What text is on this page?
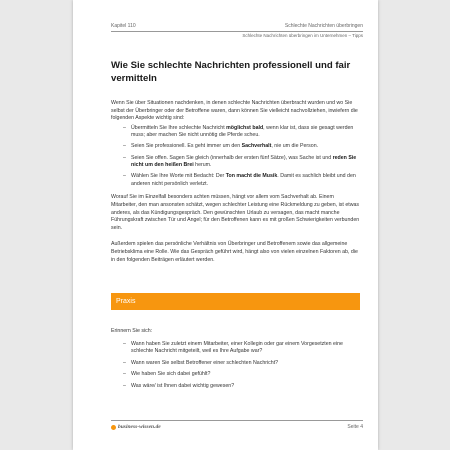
Kapitel 110	Schlechte Nachrichten überbringen
Schlechte Nachrichten überbringen im Unternehmen – Tipps
Wie Sie schlechte Nachrichten professionell und fair vermitteln

Wenn Sie über Situationen nachdenken, in denen schlechte Nachrichten überbracht wurden und wo Sie selbst der Überbringer oder der Betroffene waren, dann können Sie vielleicht nachvollziehen, inwiefern die folgenden Aspekte wichtig sind:

– Übermitteln Sie Ihre schlechte Nachricht möglichst bald, wenn klar ist, dass sie gesagt werden muss; aber machen Sie nicht unnötig die Pferde scheu.
– Seien Sie professionell. Es geht immer um den Sachverhalt, nie um die Person.
– Seien Sie offen. Sagen Sie gleich (innerhalb der ersten fünf Sätze), was Sache ist und reden Sie nicht um den heißen Brei herum.
– Wählen Sie Ihre Worte mit Bedacht: Der Ton macht die Musik. Damit es sachlich bleibt und den anderen nicht persönlich verletzt.

Worauf Sie im Einzelfall besonders achten müssen, hängt vor allem vom Sachverhalt ab. Einem Mitarbeiter, den man ansonsten schätzt, wegen schlechter Leistung eine Rückmeldung zu geben, ist etwas anderes, als das Kündigungsgespräch. Den gewünschten Urlaub zu versagen, das macht manche Führungskraft zwischen Tür und Angel; für den Betroffenen kann es mit großen Schwierigkeiten verbunden sein.

Außerdem spielen das persönliche Verhältnis von Überbringer und Betroffenem sowie das allgemeine Betriebsklima eine Rolle. Wie das Gespräch geführt wird, hängt also von vielen einzelnen Faktoren ab, die in den folgenden Beiträgen erläutert werden.

Praxis

Erinnern Sie sich:

– Wann haben Sie zuletzt einem Mitarbeiter, einer Kollegin oder gar einem Vorgesetzten eine schlechte Nachricht mitgeteilt, weil es Ihre Aufgabe war?
– Wann waren Sie selbst Betroffener einer schlechten Nachricht?
– Wie haben Sie sich dabei gefühlt?
– Was wäre/ ist Ihnen dabei wichtig gewesen?
business-wissen.de	Seite 4
